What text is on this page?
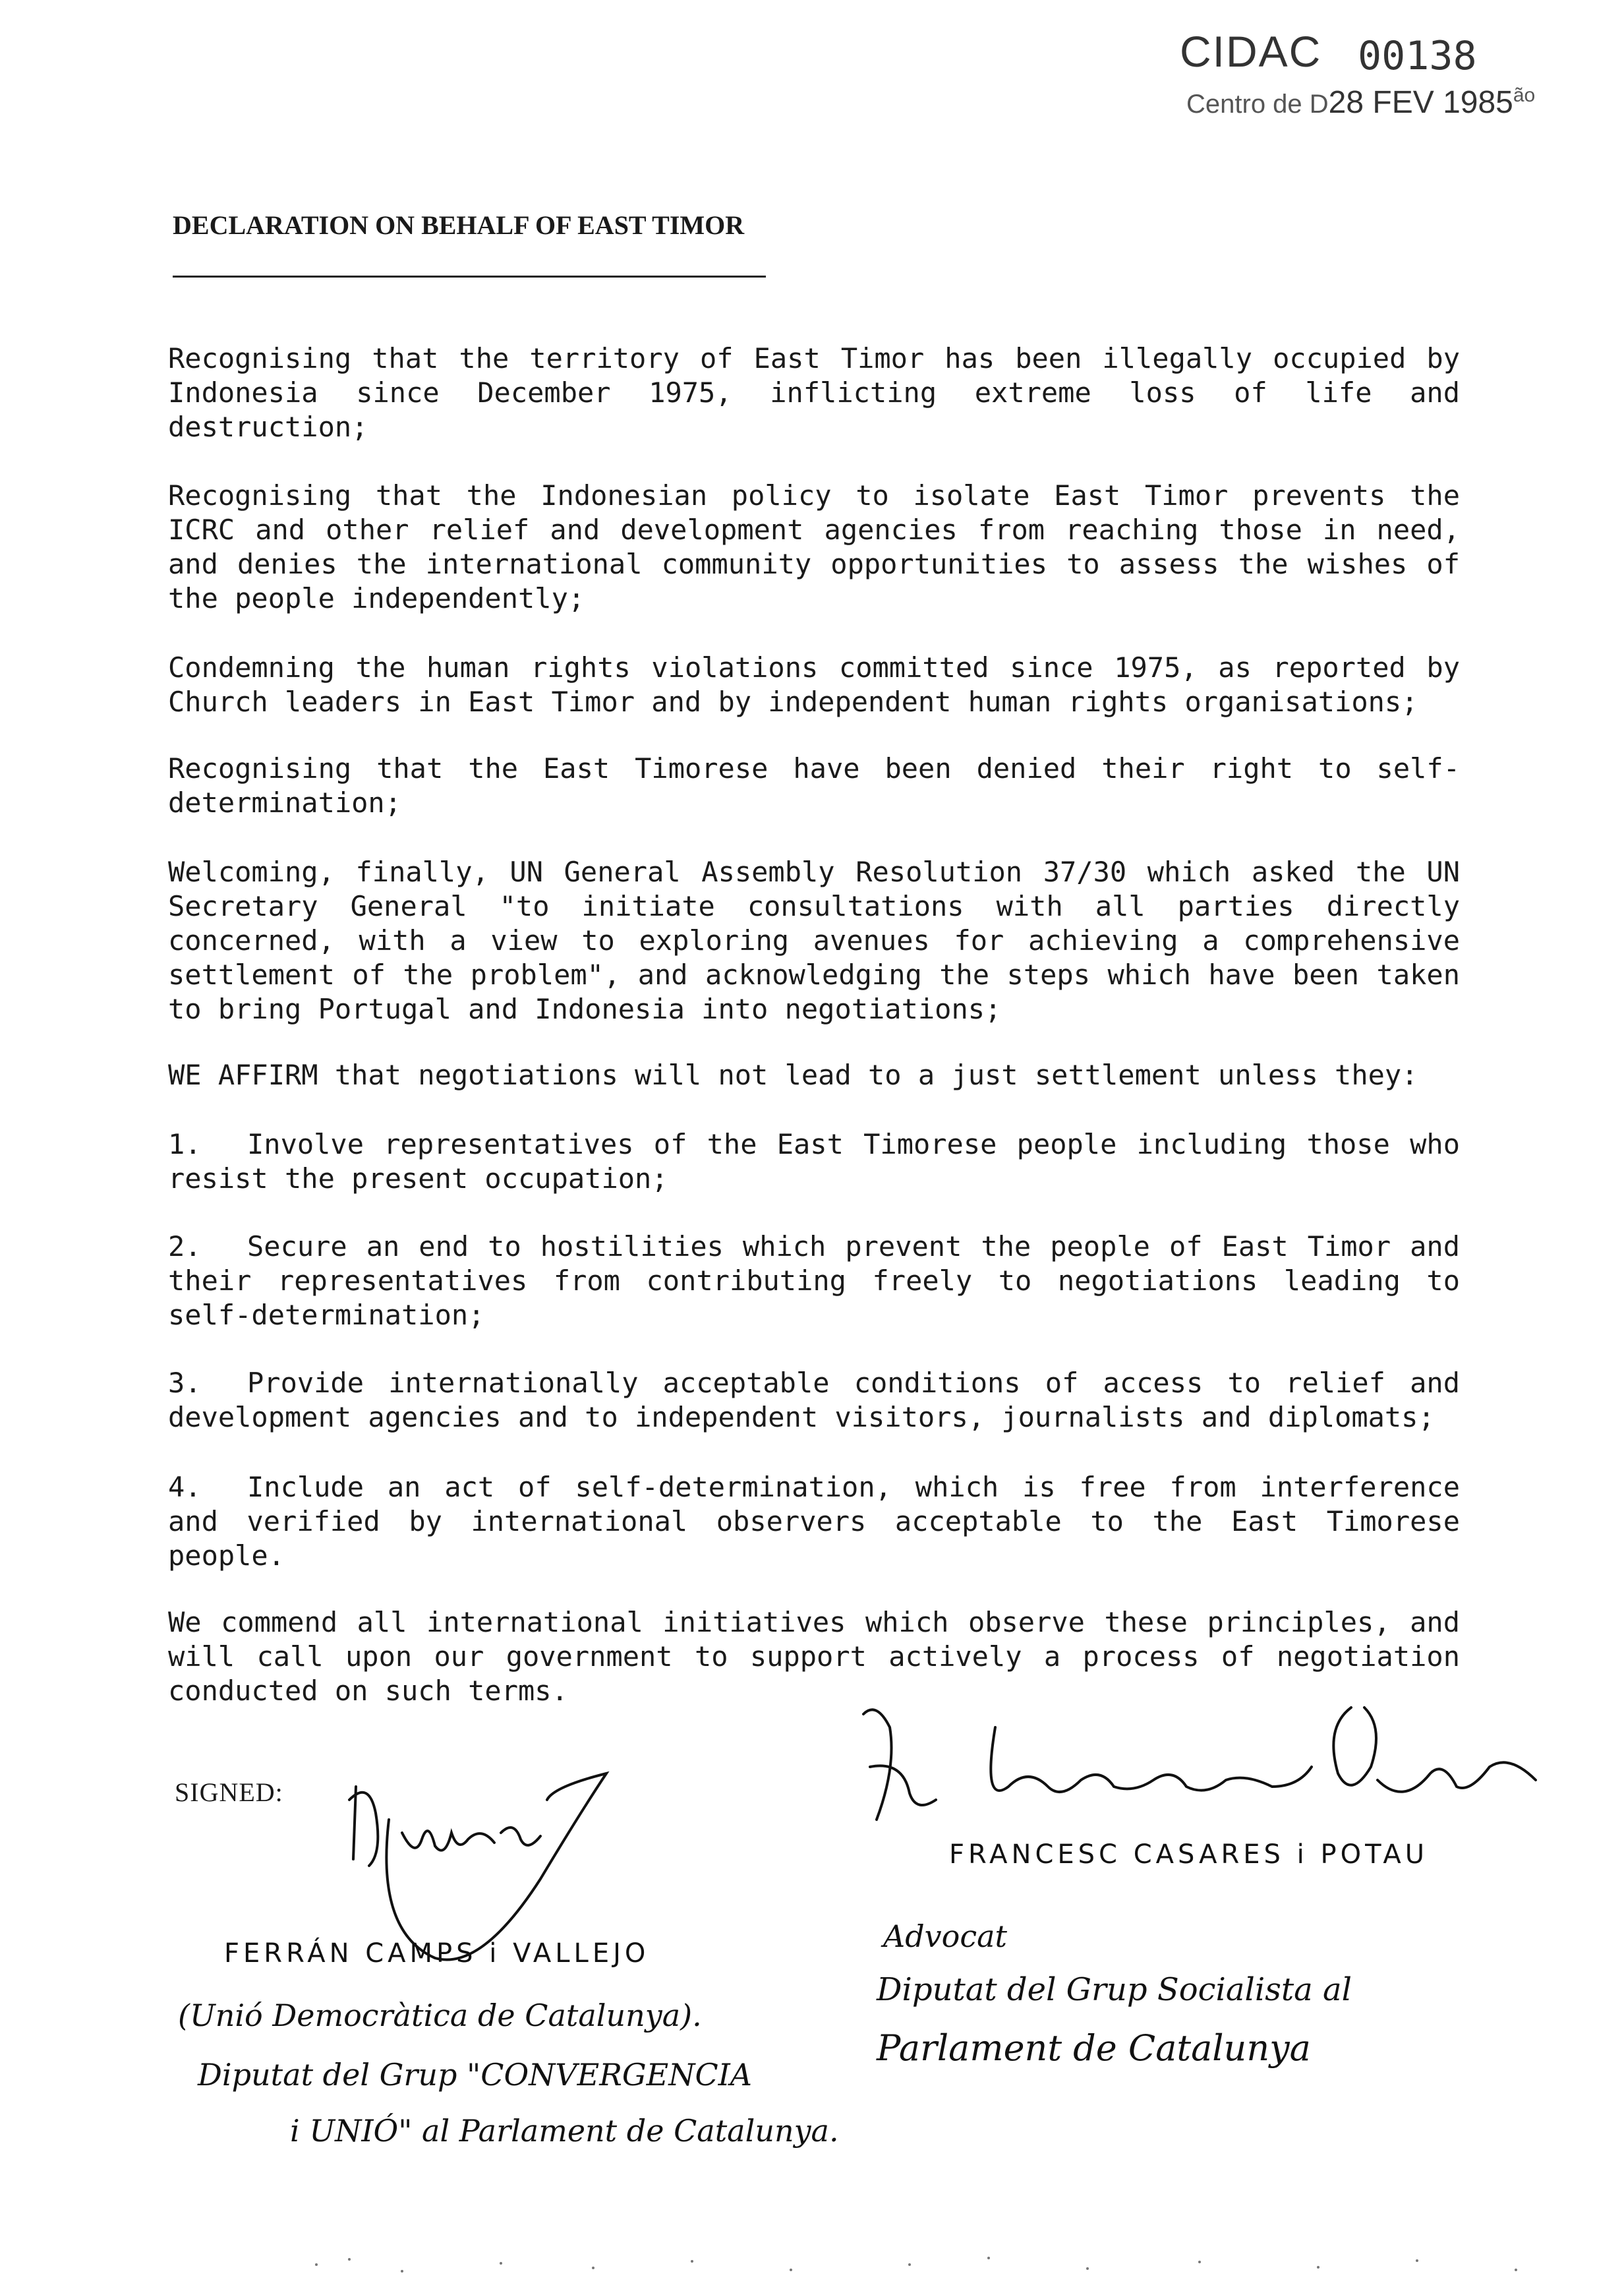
CIDAC 00138
Centro de D28 FEV $1985^{ão}$
DECLARATION ON BEHALF OF EAST TIMOR

Recognising that the territory of East Timor has been illegally occupied by Indonesia since December 1975, inflicting extreme loss of life and destruction;

Recognising that the Indonesian policy to isolate East Timor prevents the ICRC and other relief and development agencies from reaching those in need, and denies the international community opportunities to assess the wishes of the people independently;

Condemning the human rights violations committed since 1975, as reported by Church leaders in East Timor and by independent human rights organisations;

Recognising that the East Timorese have been denied their right to self-determination;

Welcoming, finally, UN General Assembly Resolution 37/30 which asked the UN Secretary General "to initiate consultations with all parties directly concerned, with a view to exploring avenues for achieving a comprehensive settlement of the problem", and acknowledging the steps which have been taken to bring Portugal and Indonesia into negotiations;

WE AFFIRM that negotiations will not lead to a just settlement unless they:

1. Involve representatives of the East Timorese people including those who resist the present occupation;

2. Secure an end to hostilities which prevent the people of East Timor and their representatives from contributing freely to negotiations leading to self-determination;

3. Provide internationally acceptable conditions of access to relief and development agencies and to independent visitors, journalists and diplomats;

4. Include an act of self-determination, which is free from interference and verified by international observers acceptable to the East Timorese people.

We commend all international initiatives which observe these principles, and will call upon our government to support actively a process of negotiation conducted on such terms.

SIGNED:
FRANCESC CASARES i POTAU
Advocat
Diputat del Grup Socialista al
Parlament de Catalunya
FERRÁN CAMPS i VALLEJO
(Unió Democràtica de Catalunya).
Diputat del Grup "CONVERGENCIA
i UNIÓ" al Parlament de Catalunya.
